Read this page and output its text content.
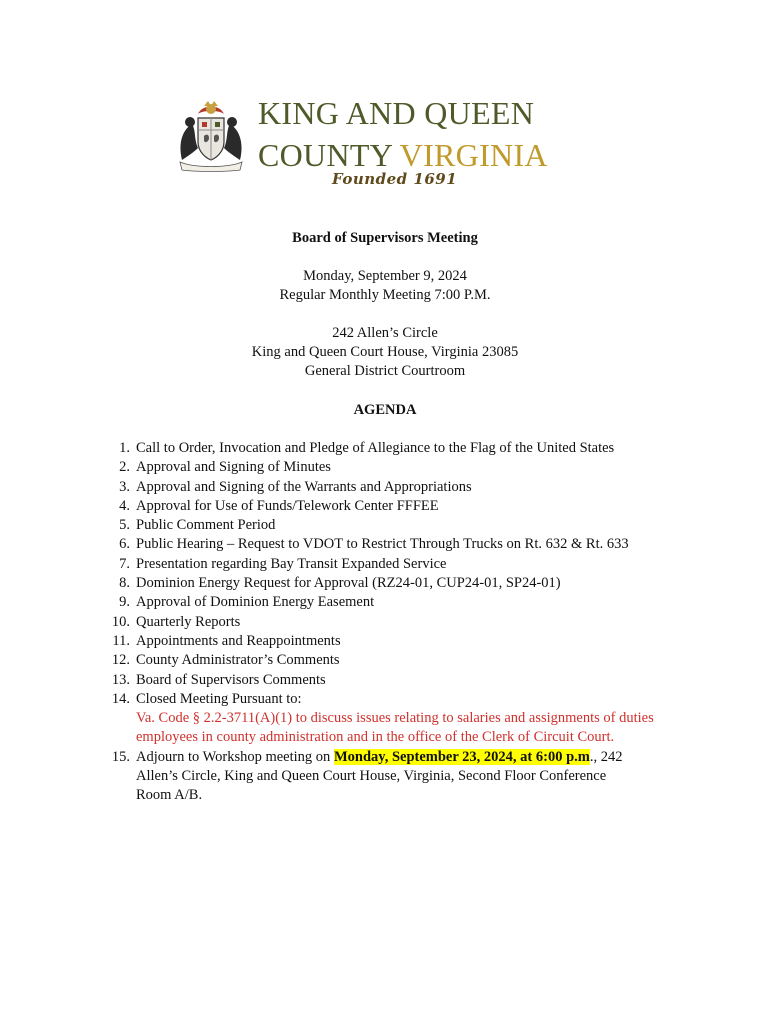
KING AND QUEEN
COUNTY VIRGINIA
Founded 1691
Board of Supervisors Meeting
Monday, September 9, 2024
Regular Monthly Meeting 7:00 P.M.
242 Allen’s Circle
King and Queen Court House, Virginia 23085
General District Courtroom
AGENDA
1. Call to Order, Invocation and Pledge of Allegiance to the Flag of the United States
2. Approval and Signing of Minutes
3. Approval and Signing of the Warrants and Appropriations
4. Approval for Use of Funds/Telework Center FFFEE
5. Public Comment Period
6. Public Hearing – Request to VDOT to Restrict Through Trucks on Rt. 632 & Rt. 633
7. Presentation regarding Bay Transit Expanded Service
8. Dominion Energy Request for Approval (RZ24-01, CUP24-01, SP24-01)
9. Approval of Dominion Energy Easement
10. Quarterly Reports
11. Appointments and Reappointments
12. County Administrator’s Comments
13. Board of Supervisors Comments
14. Closed Meeting Pursuant to:
Va. Code § 2.2-3711(A)(1) to discuss issues relating to salaries and assignments of duties
employees in county administration and in the office of the Clerk of Circuit Court.
15. Adjourn to Workshop meeting on Monday, September 23, 2024, at 6:00 p.m., 242
Allen’s Circle, King and Queen Court House, Virginia, Second Floor Conference
Room A/B.
